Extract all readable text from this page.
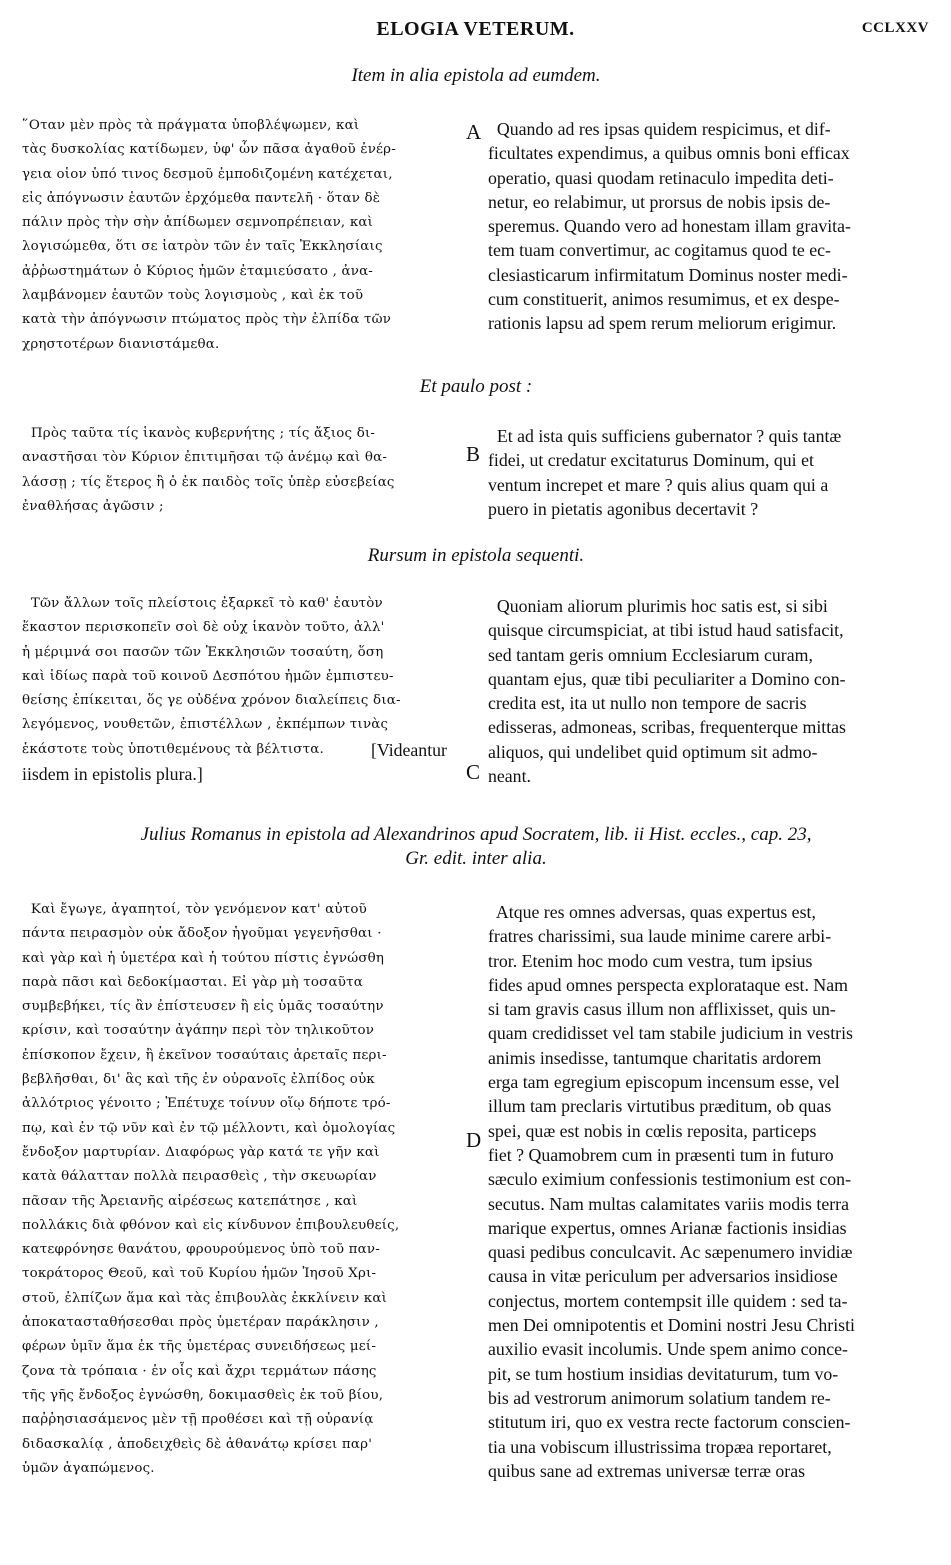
ELOGIA VETERUM.	CCLXXV
Item in alia epistola ad eumdem.
῞Οταν μὲν πρὸς τὰ πράγματα ὑποβλέψωμεν, καὶ
τὰς δυσκολίας κατίδωμεν, ὑφ' ὧν πᾶσα ἀγαθοῦ ἐνέρ-
γεια οἱον ὑπό τινος δεσμοῦ ἐμποδιζομένη κατέχεται,
εἰς ἀπόγνωσιν ἑαυτῶν ἐρχόμεθα παντελῆ · ὅταν δὲ
πάλιν πρὸς τὴν σὴν ἀπίδωμεν σεμνοπρέπειαν, καὶ
λογισώμεθα, ὅτι σε ἰατρὸν τῶν ἐν ταῖς Ἐκκλησίαις
ἀῤῥωστημάτων ὁ Κύριος ἡμῶν ἐταμιεύσατο , ἀνα-
λαμβάνομεν ἑαυτῶν τοὺς λογισμοὺς , καὶ ἐκ τοῦ
κατὰ τὴν ἀπόγνωσιν πτώματος πρὸς τὴν ἐλπίδα τῶν
χρηστοτέρων διανιστάμεθα.
A Quando ad res ipsas quidem respicimus, et dif-
ficultates expendimus, a quibus omnis boni efficax
operatio, quasi quodam retinaculo impedita deti-
netur, eo relabimur, ut prorsus de nobis ipsis de-
speremus. Quando vero ad honestam illam gravita-
tem tuam convertimur, ac cogitamus quod te ec-
clesiasticarum infirmitatum Dominus noster medi-
cum constituerit, animos resumimus, et ex despe-
rationis lapsu ad spem rerum meliorum erigimur.
Et paulo post :
Πρὸς ταῦτα τίς ἱκανὸς κυβερνήτης ; τίς ἄξιος δι-
αναστῆσαι τὸν Κύριον ἐπιτιμῆσαι τῷ ἀνέμῳ καὶ θα-
λάσσῃ ; τίς ἕτερος ἢ ὁ ἐκ παιδὸς τοῖς ὑπὲρ εὐσεβείας
ἐναθλήσας ἀγῶσιν ;
B
Et ad ista quis sufficiens gubernator ? quis tantæ
fidei, ut credatur excitaturus Dominum, qui et
ventum increpet et mare ? quis alius quam qui a
puero in pietatis agonibus decertavit ?
Rursum in epistola sequenti.
Τῶν ἄλλων τοῖς πλείστοις ἐξαρκεῖ τὸ καθ' ἑαυτὸν
ἕκαστον περισκοπεῖν σοὶ δὲ οὐχ ἱκανὸν τοῦτο, ἀλλ'
ἡ μέριμνά σοι πασῶν τῶν Ἐκκλησιῶν τοσαύτη, ὅση
καὶ ἰδίως παρὰ τοῦ κοινοῦ Δεσπότου ἡμῶν ἐμπιστευ-
θείσης ἐπίκειται, ὅς γε οὐδένα χρόνον διαλείπεις δια-
λεγόμενος, νουθετῶν, ἐπιστέλλων , ἐκπέμπων τινὰς
ἑκάστοτε τοὺς ὑποτιθεμένους τὰ βέλτιστα.	[Videantur
iisdem in epistolis plura.]	C
Quoniam aliorum plurimis hoc satis est, si sibi
quisque circumspiciat, at tibi istud haud satisfacit,
sed tantam geris omnium Ecclesiarum curam,
quantam ejus, quæ tibi peculiariter a Domino con-
credita est, ita ut nullo non tempore de sacris
edisseras, admoneas, scribas, frequenterque mittas
aliquos, qui undelibet quid optimum sit admo-
neant.
Julius Romanus in epistola ad Alexandrinos apud Socratem, lib. ii Hist. eccles., cap. 23,
Gr. edit. inter alia.
Καὶ ἔγωγε, ἀγαπητοί, τὸν γενόμενον κατ' αὐτοῦ
πάντα πειρασμὸν οὐκ ἄδοξον ἡγοῦμαι γεγενῆσθαι ·
καὶ γὰρ καὶ ἡ ὑμετέρα καὶ ἡ τούτου πίστις ἐγνώσθη
παρὰ πᾶσι καὶ δεδοκίμασται. Εἰ γὰρ μὴ τοσαῦτα
συμβεβήκει, τίς ἂν ἐπίστευσεν ἢ εἰς ὑμᾶς τοσαύτην
κρίσιν, καὶ τοσαύτην ἀγάπην περὶ τὸν τηλικοῦτον
ἐπίσκοπον ἔχειν, ἢ ἐκεῖνον τοσαύταις ἀρεταῖς περι-
βεβλῆσθαι, δι' ἃς καὶ τῆς ἐν οὐρανοῖς ἐλπίδος οὐκ
ἀλλότριος γένοιτο ; Ἐπέτυχε τοίνυν οἵῳ δήποτε τρό-
πῳ, καὶ ἐν τῷ νῦν καὶ ἐν τῷ μέλλοντι, καὶ ὁμολογίας
ἔνδοξον μαρτυρίαν. Διαφόρως γὰρ κατά τε γῆν καὶ
κατὰ θάλατταν πολλὰ πειρασθεὶς , τὴν σκευωρίαν
πᾶσαν τῆς Ἀρειανῆς αἱρέσεως κατεπάτησε , καὶ
πολλάκις διὰ φθόνον καὶ εἰς κίνδυνον ἐπιβουλευθείς,
κατεφρόνησε θανάτου, φρουρούμενος ὑπὸ τοῦ παν-
τοκράτορος Θεοῦ, καὶ τοῦ Κυρίου ἡμῶν Ἰησοῦ Χρι-
στοῦ, ἐλπίζων ἅμα καὶ τὰς ἐπιβουλὰς ἐκκλίνειν καὶ
ἀποκατασταθήσεσθαι πρὸς ὑμετέραν παράκλησιν ,
φέρων ὑμῖν ἅμα ἐκ τῆς ὑμετέρας συνειδήσεως μεί-
ζονα τὰ τρόπαια · ἐν οἷς καὶ ἄχρι τερμάτων πάσης
τῆς γῆς ἔνδοξος ἐγνώσθη, δοκιμασθεὶς ἐκ τοῦ βίου,
παῤῥησιασάμενος μὲν τῇ προθέσει καὶ τῇ οὐρανίᾳ
διδασκαλίᾳ , ἀποδειχθεὶς δὲ ἀθανάτῳ κρίσει παρ'
ὑμῶν ἀγαπώμενος.
D
Atque res omnes adversas, quas expertus est,
fratres charissimi, sua laude minime carere arbi-
tror. Etenim hoc modo cum vestra, tum ipsius
fides apud omnes perspecta explorataque est. Nam
si tam gravis casus illum non afflixisset, quis un-
quam credidisset vel tam stabile judicium in vestris
animis insedisse, tantumque charitatis ardorem
erga tam egregium episcopum incensum esse, vel
illum tam preclaris virtutibus præditum, ob quas
spei, quæ est nobis in cœlis reposita, particeps
fiet ? Quamobrem cum in præsenti tum in futuro
sæculo eximium confessionis testimonium est con-
secutus. Nam multas calamitates variis modis terra
marique expertus, omnes Arianæ factionis insidias
quasi pedibus conculcavit. Ac sæpenumero invidiæ
causa in vitæ periculum per adversarios insidiose
conjectus, mortem contempsit ille quidem : sed ta-
men Dei omnipotentis et Domini nostri Jesu Christi
auxilio evasit incolumis. Unde spem animo conce-
pit, se tum hostium insidias devitaturum, tum vo-
bis ad vestrorum animorum solatium tandem re-
stitutum iri, quo ex vestra recte factorum conscien-
tia una vobiscum illustrissima tropæa reportaret,
quibus sane ad extremas universæ terræ oras
